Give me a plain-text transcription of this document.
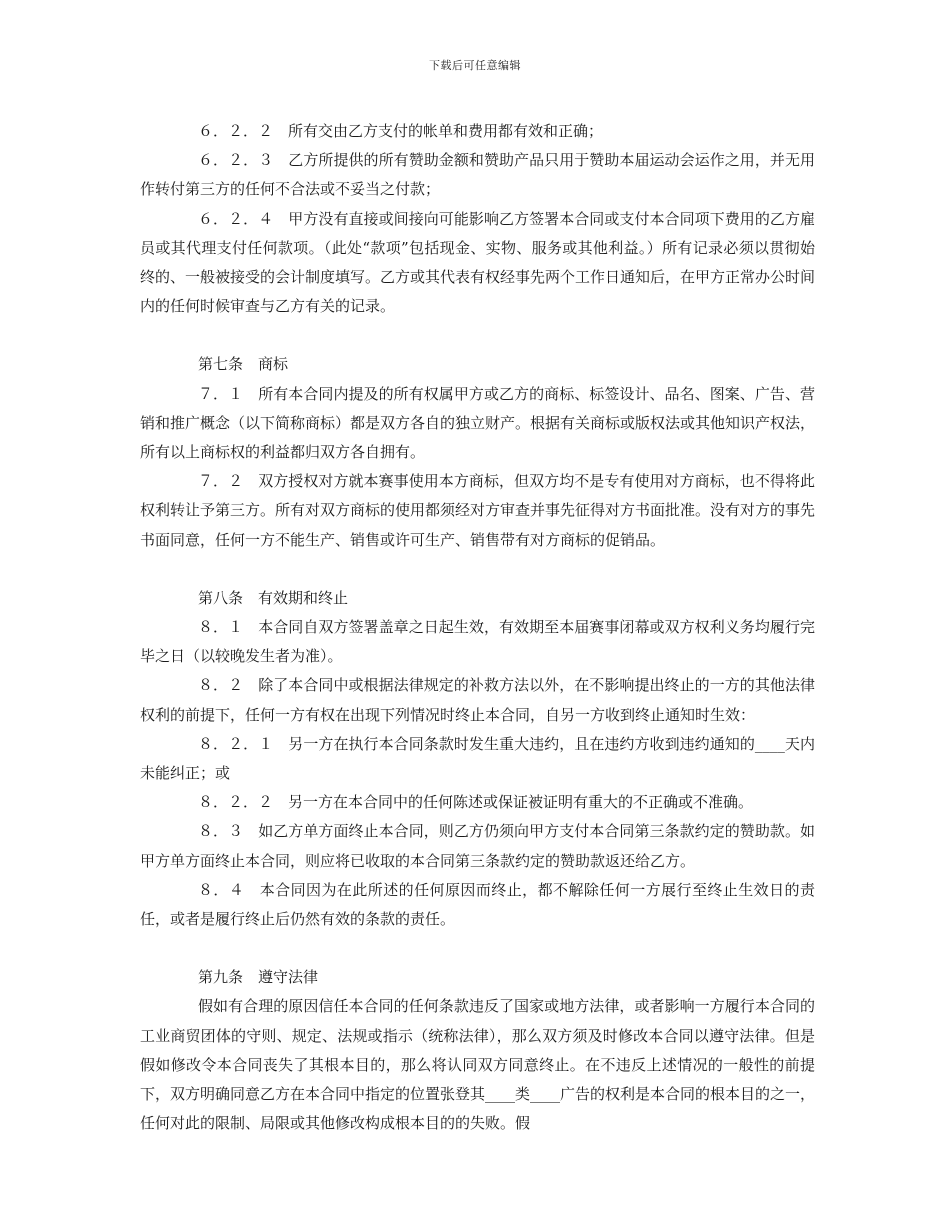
下载后可任意编辑

６．２．２　所有交由乙方支付的帐单和费用都有效和正确；

６．２．３　乙方所提供的所有赞助金额和赞助产品只用于赞助本届运动会运作之用，并无用作转付第三方的任何不合法或不妥当之付款；

６．２．４　甲方没有直接或间接向可能影响乙方签署本合同或支付本合同项下费用的乙方雇员或其代理支付任何款项。（此处“款项”包括现金、实物、服务或其他利益。）所有记录必须以贯彻始终的、一般被接受的会计制度填写。乙方或其代表有权经事先两个工作日通知后，在甲方正常办公时间内的任何时候审查与乙方有关的记录。

第七条　商标

７．１　所有本合同内提及的所有权属甲方或乙方的商标、标签设计、品名、图案、广告、营销和推广概念（以下简称商标）都是双方各自的独立财产。根据有关商标或版权法或其他知识产权法，所有以上商标权的利益都归双方各自拥有。

７．２　双方授权对方就本赛事使用本方商标，但双方均不是专有使用对方商标，也不得将此权利转让予第三方。所有对双方商标的使用都须经对方审查并事先征得对方书面批准。没有对方的事先书面同意，任何一方不能生产、销售或许可生产、销售带有对方商标的促销品。

第八条　有效期和终止

８．１　本合同自双方签署盖章之日起生效，有效期至本届赛事闭幕或双方权利义务均履行完毕之日（以较晚发生者为准）。

８．２　除了本合同中或根据法律规定的补救方法以外，在不影响提出终止的一方的其他法律权利的前提下，任何一方有权在出现下列情况时终止本合同，自另一方收到终止通知时生效：

８．２．１　另一方在执行本合同条款时发生重大违约，且在违约方收到违约通知的____天内未能纠正；或

８．２．２　另一方在本合同中的任何陈述或保证被证明有重大的不正确或不准确。

８．３　如乙方单方面终止本合同，则乙方仍须向甲方支付本合同第三条款约定的赞助款。如甲方单方面终止本合同，则应将已收取的本合同第三条款约定的赞助款返还给乙方。

８．４　本合同因为在此所述的任何原因而终止，都不解除任何一方展行至终止生效日的责任，或者是履行终止后仍然有效的条款的责任。

第九条　遵守法律

假如有合理的原因信任本合同的任何条款违反了国家或地方法律，或者影响一方履行本合同的工业商贸团体的守则、规定、法规或指示（统称法律），那么双方须及时修改本合同以遵守法律。但是假如修改令本合同丧失了其根本目的，那么将认同双方同意终止。在不违反上述情况的一般性的前提下，双方明确同意乙方在本合同中指定的位置张登其____类____广告的权利是本合同的根本目的之一，任何对此的限制、局限或其他修改构成根本目的的失败。假
